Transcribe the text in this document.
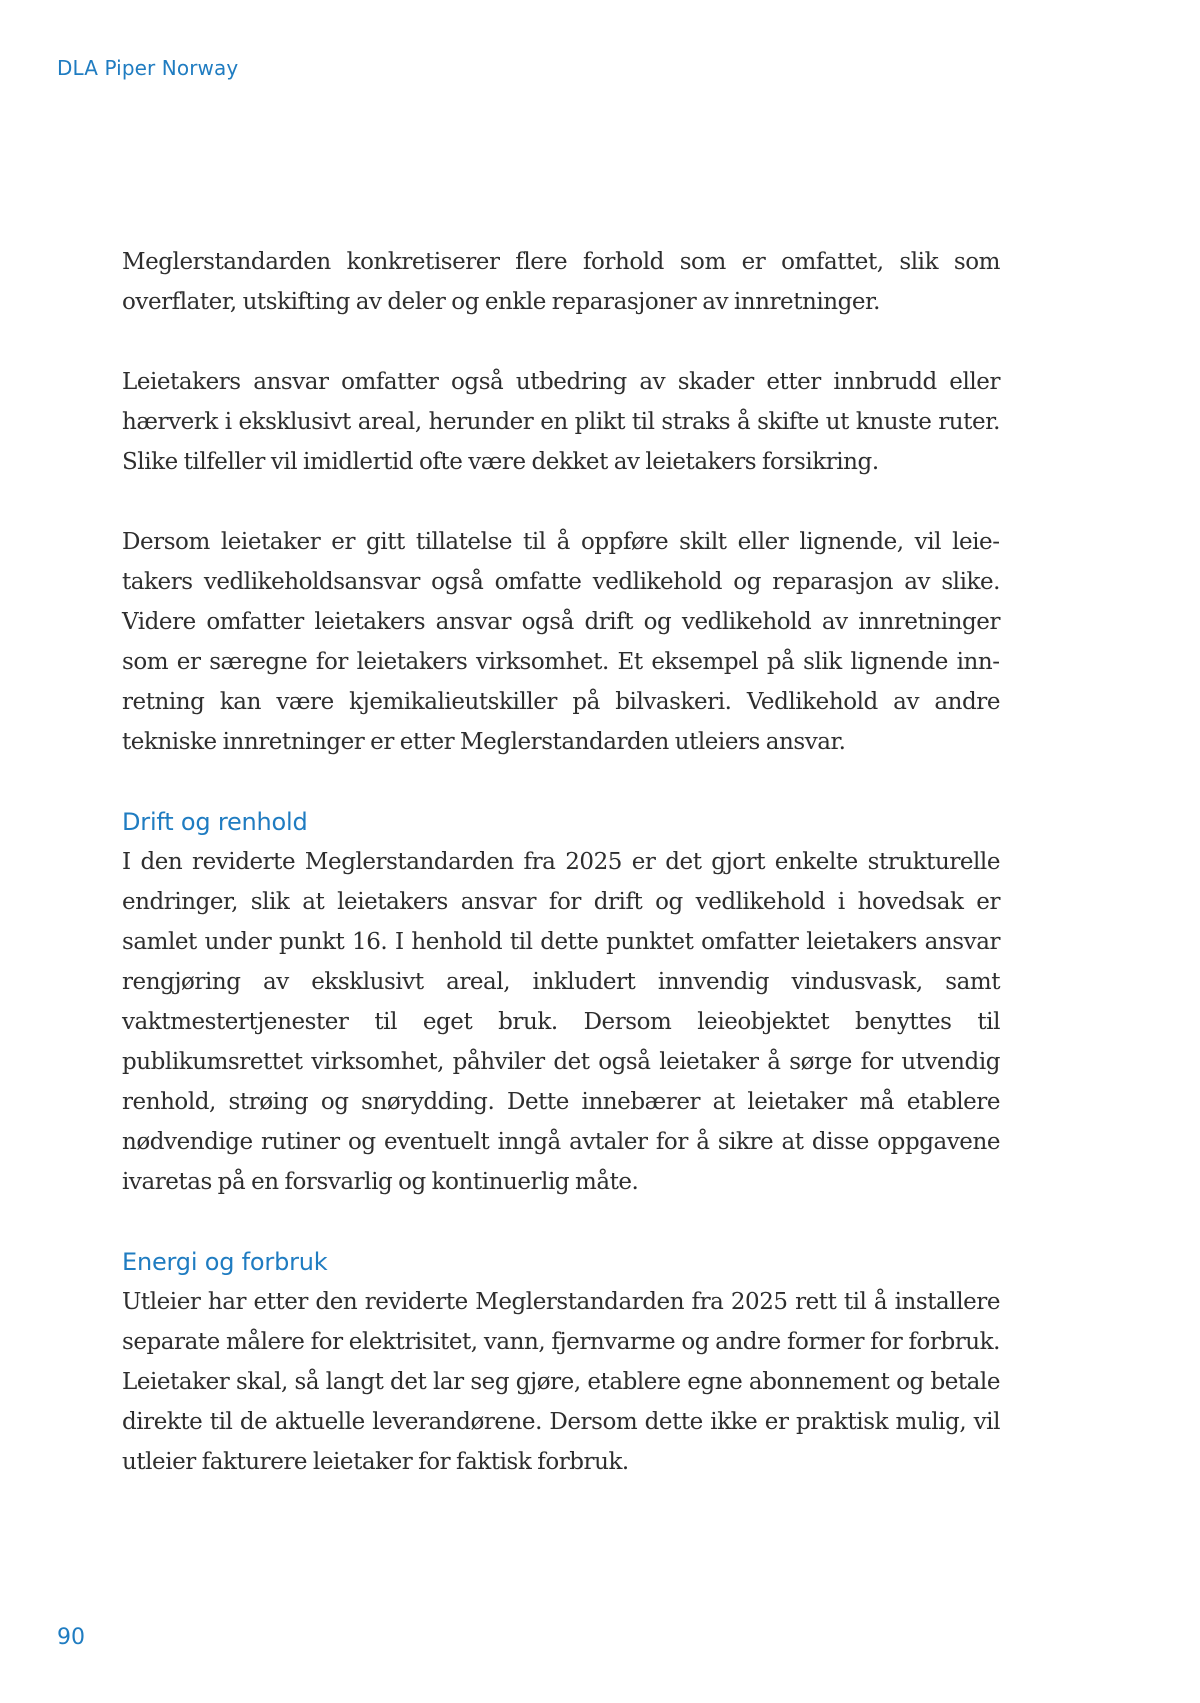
DLA Piper Norway

Meglerstandarden konkretiserer flere forhold som er omfattet, slik som overflater, utskifting av deler og enkle reparasjoner av innretninger.

Leietakers ansvar omfatter også utbedring av skader etter innbrudd eller hærverk i eksklusivt areal, herunder en plikt til straks å skifte ut knuste ruter. Slike tilfeller vil imidlertid ofte være dekket av leietakers forsikring.

Dersom leietaker er gitt tillatelse til å oppføre skilt eller lignende, vil leietakers vedlikeholdsansvar også omfatte vedlikehold og reparasjon av slike. Videre omfatter leietakers ansvar også drift og vedlikehold av innretninger som er særegne for leietakers virksomhet. Et eksempel på slik lignende innretning kan være kjemikalieutskiller på bilvaskeri. Vedlikehold av andre tekniske innretninger er etter Meglerstandarden utleiers ansvar.

Drift og renhold

I den reviderte Meglerstandarden fra 2025 er det gjort enkelte strukturelle endringer, slik at leietakers ansvar for drift og vedlikehold i hovedsak er samlet under punkt 16. I henhold til dette punktet omfatter leietakers ansvar rengjøring av eksklusivt areal, inkludert innvendig vindusvask, samt vaktmestertjenester til eget bruk. Dersom leieobjektet benyttes til publikumsrettet virksomhet, påhviler det også leietaker å sørge for utvendig renhold, strøing og snørydding. Dette innebærer at leietaker må etablere nødvendige rutiner og eventuelt inngå avtaler for å sikre at disse oppgavene ivaretas på en forsvarlig og kontinuerlig måte.

Energi og forbruk

Utleier har etter den reviderte Meglerstandarden fra 2025 rett til å installere separate målere for elektrisitet, vann, fjernvarme og andre former for forbruk. Leietaker skal, så langt det lar seg gjøre, etablere egne abonnement og betale direkte til de aktuelle leverandørene. Dersom dette ikke er praktisk mulig, vil utleier fakturere leietaker for faktisk forbruk.

90
